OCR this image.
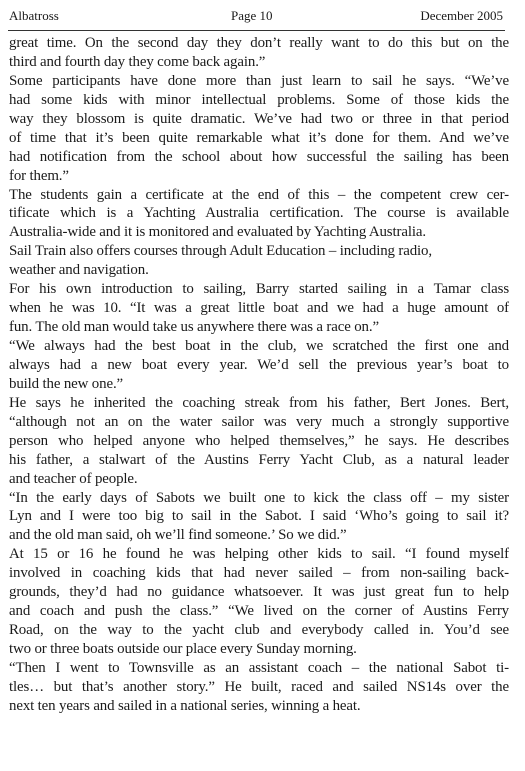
Albatross	Page 10	December 2005
great time. On the second day they don’t really want to do this but on the
third and fourth day they come back again.”
Some participants have done more than just learn to sail he says. “We’ve
had some kids with minor intellectual problems. Some of those kids the
way they blossom is quite dramatic. We’ve had two or three in that period
of time that it’s been quite remarkable what it’s done for them. And we’ve
had notification from the school about how successful the sailing has been
for them.”
The students gain a certificate at the end of this – the competent crew cer-
tificate which is a Yachting Australia certification. The course is available
Australia-wide and it is monitored and evaluated by Yachting Australia.
Sail Train also offers courses through Adult Education – including radio,
weather and navigation.
For his own introduction to sailing, Barry started sailing in a Tamar class
when he was 10. “It was a great little boat and we had a huge amount of
fun. The old man would take us anywhere there was a race on.”
“We always had the best boat in the club, we scratched the first one and
always had a new boat every year. We’d sell the previous year’s boat to
build the new one.”
He says he inherited the coaching streak from his father, Bert Jones. Bert,
“although not an on the water sailor was very much a strongly supportive
person who helped anyone who helped themselves,” he says. He describes
his father, a stalwart of the Austins Ferry Yacht Club, as a natural leader
and teacher of people.
“In the early days of Sabots we built one to kick the class off – my sister
Lyn and I were too big to sail in the Sabot. I said ‘Who’s going to sail it?
and the old man said, oh we’ll find someone.’ So we did.”
At 15 or 16 he found he was helping other kids to sail. “I found myself
involved in coaching kids that had never sailed – from non-sailing back-
grounds, they’d had no guidance whatsoever. It was just great fun to help
and coach and push the class.” “We lived on the corner of Austins Ferry
Road, on the way to the yacht club and everybody called in. You’d see
two or three boats outside our place every Sunday morning.
“Then I went to Townsville as an assistant coach – the national Sabot ti-
tles… but that’s another story.” He built, raced and sailed NS14s over the
next ten years and sailed in a national series, winning a heat.
